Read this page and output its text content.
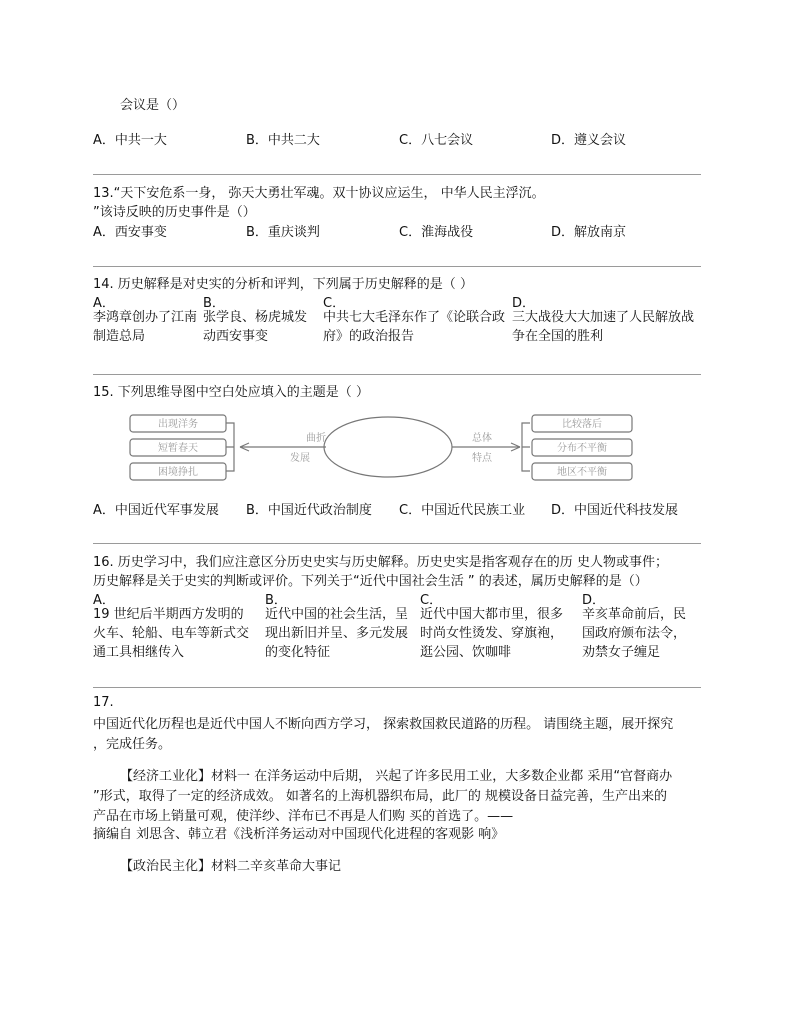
会议是（）
A．中共一大	B．中共二大	C．八七会议	D．遵义会议
13.“天下安危系一身， 弥天大勇壮军魂。双十协议应运生， 中华人民主浮沉。
”该诗反映的历史事件是（）
A．西安事变	B．重庆谈判	C．淮海战役	D．解放南京
14. 历史解释是对史实的分析和评判，下列属于历史解释的是（ ）
A．
李鸿章创办了江南制造总局
B．
张学良、杨虎城发动西安事变
C．
中共七大毛泽东作了《论联合政府》的政治报告
D．
三大战役大大加速了人民解放战争在全国的胜利
15. 下列思维导图中空白处应填入的主题是（ ）
出现洋务
短暂春天
困境挣扎
曲折
发展
总体
特点
比较落后
分布不平衡
地区不平衡
A．中国近代军事发展 B．中国近代政治制度 C．中国近代民族工业 D．中国近代科技发展
16. 历史学习中，我们应注意区分历史史实与历史解释。历史史实是指客观存在的历 史人物或事件；
历史解释是关于史实的判断或评价。下列关于“近代中国社会生活 ” 的表述，属历史解释的是（）
A．
19 世纪后半期西方发明的火车、轮船、电车等新式交通工具相继传入
B．
近代中国的社会生活，呈现出新旧并呈、多元发展的变化特征
C．
近代中国大都市里，很多时尚女性烫发、穿旗袍，逛公园、饮咖啡
D．
辛亥革命前后，民国政府颁布法令，劝禁女子缠足
17.
中国近代化历程也是近代中国人不断向西方学习， 探索救国救民道路的历程。 请围绕主题，展开探究
，完成任务。
【经济工业化】材料一 在洋务运动中后期， 兴起了许多民用工业，大多数企业都 采用“官督商办
”形式，取得了一定的经济成效。 如著名的上海机器织布局，此厂的 规模设备日益完善，生产出来的
产品在市场上销量可观，使洋纱、洋布已不再是人们购 买的首选了。——
摘编自 刘思含、韩立君《浅析洋务运动对中国现代化进程的客观影 响》
【政治民主化】材料二辛亥革命大事记
